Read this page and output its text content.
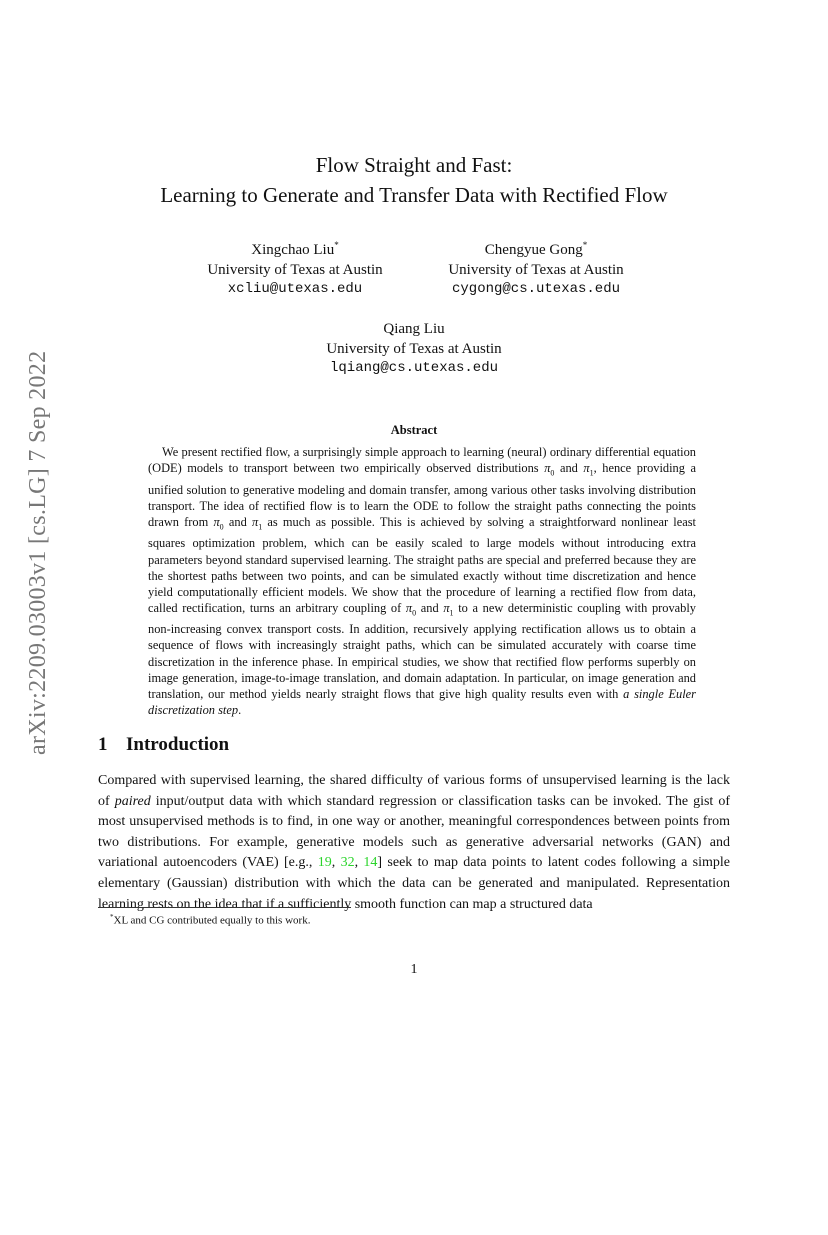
arXiv:2209.03003v1 [cs.LG] 7 Sep 2022
Flow Straight and Fast:
Learning to Generate and Transfer Data with Rectified Flow
Xingchao Liu*
University of Texas at Austin
xcliu@utexas.edu
Chengyue Gong*
University of Texas at Austin
cygong@cs.utexas.edu
Qiang Liu
University of Texas at Austin
lqiang@cs.utexas.edu
Abstract
We present rectified flow, a surprisingly simple approach to learning (neural) ordinary differential equation (ODE) models to transport between two empirically observed distributions $\pi_0$ and $\pi_1$, hence providing a unified solution to generative modeling and domain transfer, among various other tasks involving distribution transport. The idea of rectified flow is to learn the ODE to follow the straight paths connecting the points drawn from $\pi_0$ and $\pi_1$ as much as possible. This is achieved by solving a straightforward nonlinear least squares optimization problem, which can be easily scaled to large models without introducing extra parameters beyond standard supervised learning. The straight paths are special and preferred because they are the shortest paths between two points, and can be simulated exactly without time discretization and hence yield computationally efficient models. We show that the procedure of learning a rectified flow from data, called rectification, turns an arbitrary coupling of $\pi_0$ and $\pi_1$ to a new deterministic coupling with provably non-increasing convex transport costs. In addition, recursively applying rectification allows us to obtain a sequence of flows with increasingly straight paths, which can be simulated accurately with coarse time discretization in the inference phase. In empirical studies, we show that rectified flow performs superbly on image generation, image-to-image translation, and domain adaptation. In particular, on image generation and translation, our method yields nearly straight flows that give high quality results even with a single Euler discretization step.
1 Introduction
Compared with supervised learning, the shared difficulty of various forms of unsupervised learning is the lack of paired input/output data with which standard regression or classification tasks can be invoked. The gist of most unsupervised methods is to find, in one way or another, meaningful correspondences between points from two distributions. For example, generative models such as generative adversarial networks (GAN) and variational autoencoders (VAE) [e.g., 19, 32, 14] seek to map data points to latent codes following a simple elementary (Gaussian) distribution with which the data can be generated and manipulated. Representation learning rests on the idea that if a sufficiently smooth function can map a structured data
*XL and CG contributed equally to this work.
1
